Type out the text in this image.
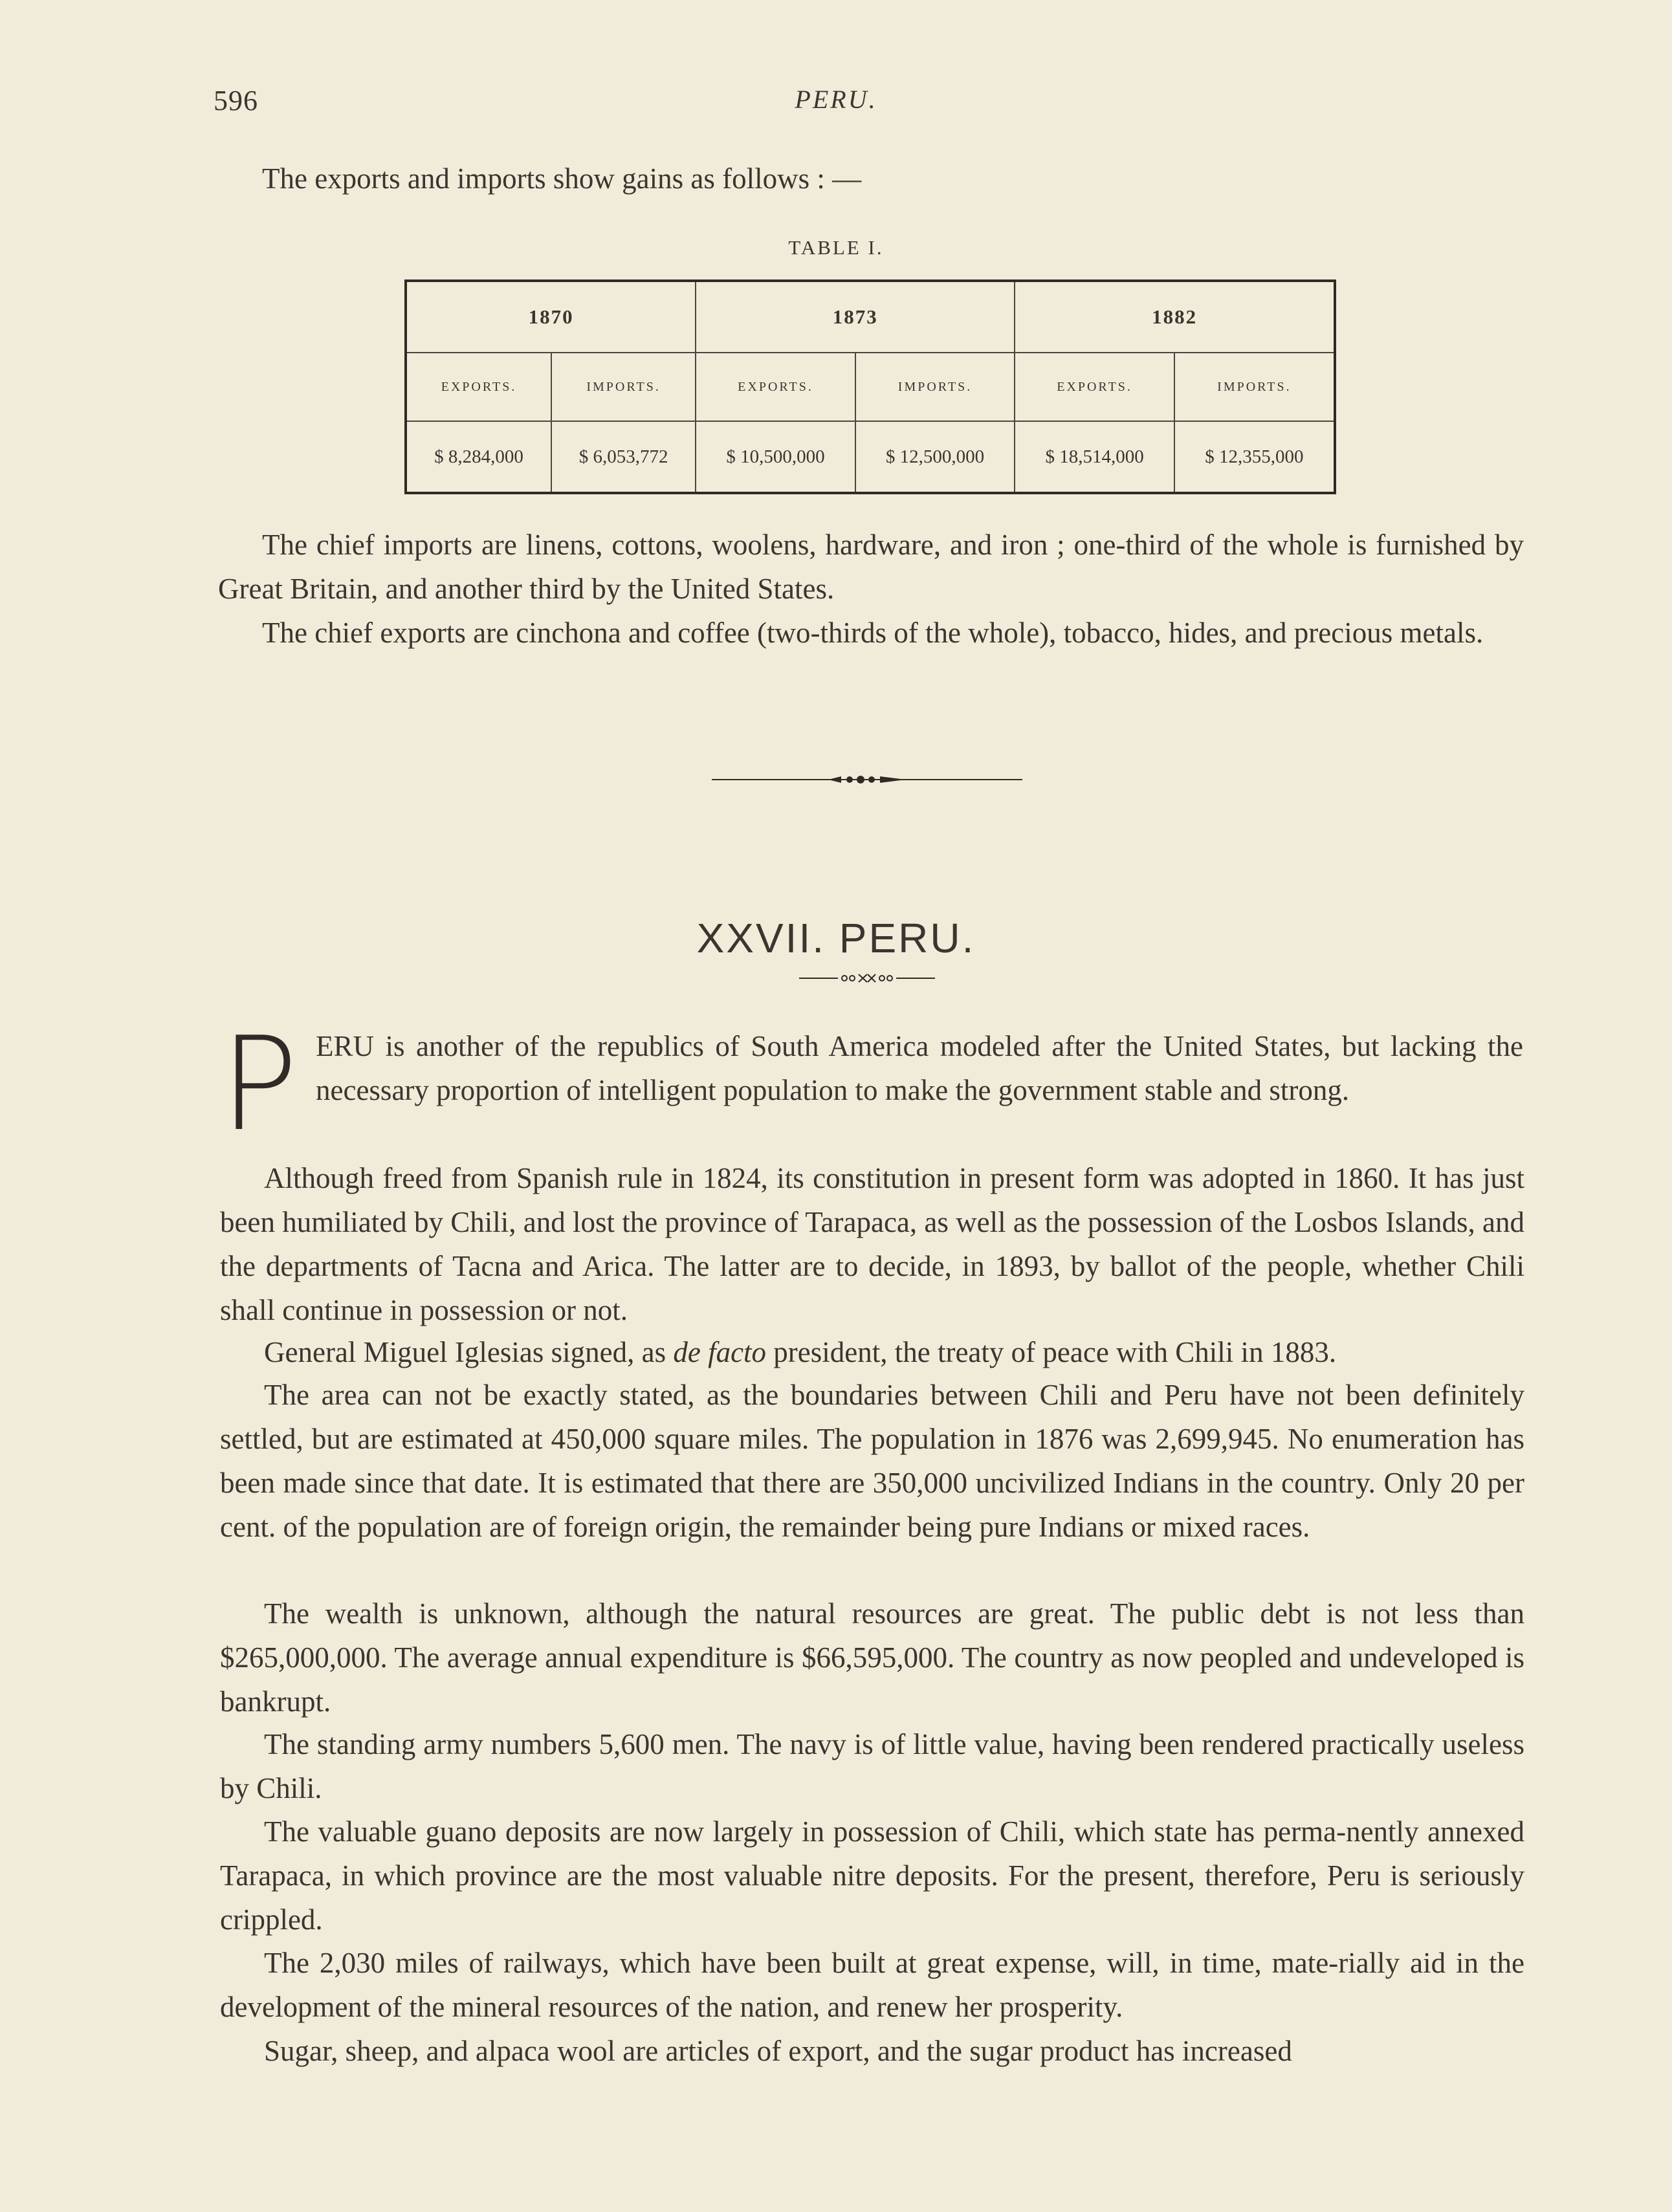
596	PERU.
The exports and imports show gains as follows : —
TABLE I.
1870		1873		1882	
EXPORTS.	IMPORTS.	EXPORTS.	IMPORTS.	EXPORTS.	IMPORTS.
$ 8,284,000	$ 6,053,772	$ 10,500,000	$ 12,500,000	$ 18,514,000	$ 12,355,000

The chief imports are linens, cottons, woolens, hardware, and iron ; one-third of the whole is furnished by Great Britain, and another third by the United States.

The chief exports are cinchona and coffee (two-thirds of the whole), tobacco, hides, and precious metals.

XXVII. PERU.
P ERU is another of the republics of South America modeled after the United States, but lacking the necessary proportion of intelligent population to make the government stable and strong.

Although freed from Spanish rule in 1824, its constitution in present form was adopted in 1860. It has just been humiliated by Chili, and lost the province of Tarapaca, as well as the possession of the Losbos Islands, and the departments of Tacna and Arica. The latter are to decide, in 1893, by ballot of the people, whether Chili shall continue in possession or not.

General Miguel Iglesias signed, as de facto president, the treaty of peace with Chili in 1883.

The area can not be exactly stated, as the boundaries between Chili and Peru have not been definitely settled, but are estimated at 450,000 square miles. The population in 1876 was 2,699,945. No enumeration has been made since that date. It is estimated that there are 350,000 uncivilized Indians in the country. Only 20 per cent. of the population are of foreign origin, the remainder being pure Indians or mixed races.

The wealth is unknown, although the natural resources are great. The public debt is not less than $265,000,000. The average annual expenditure is $66,595,000. The country as now peopled and undeveloped is bankrupt.

The standing army numbers 5,600 men. The navy is of little value, having been rendered practically useless by Chili.

The valuable guano deposits are now largely in possession of Chili, which state has perma-nently annexed Tarapaca, in which province are the most valuable nitre deposits. For the present, therefore, Peru is seriously crippled.

The 2,030 miles of railways, which have been built at great expense, will, in time, mate-rially aid in the development of the mineral resources of the nation, and renew her prosperity.

Sugar, sheep, and alpaca wool are articles of export, and the sugar product has increased
